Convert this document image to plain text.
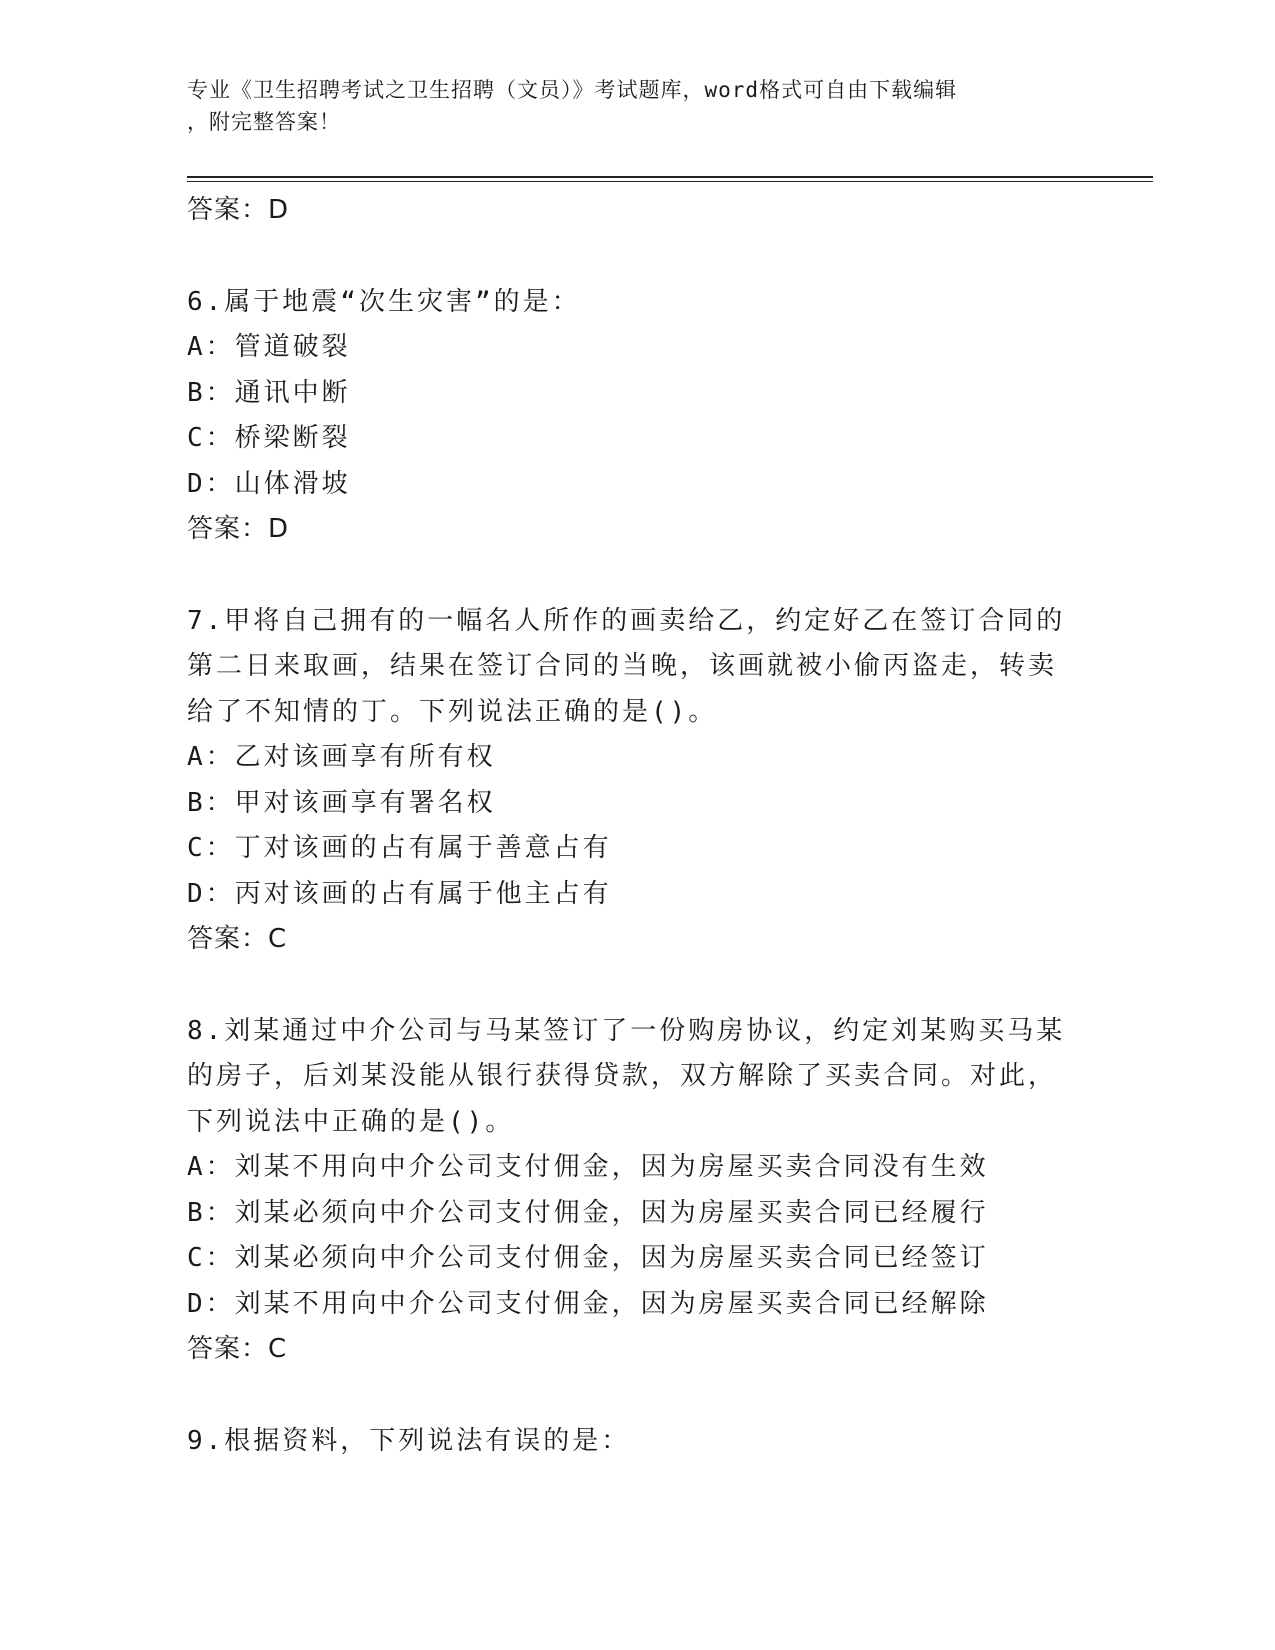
专业《卫生招聘考试之卫生招聘（文员）》考试题库，word格式可自由下载编辑
，附完整答案！
答案：D
6.属于地震“次生灾害”的是：
A：管道破裂
B：通讯中断
C：桥梁断裂
D：山体滑坡
答案：D
7.甲将自己拥有的一幅名人所作的画卖给乙，约定好乙在签订合同的
第二日来取画，结果在签订合同的当晚，该画就被小偷丙盗走，转卖
给了不知情的丁。下列说法正确的是()。
A：乙对该画享有所有权
B：甲对该画享有署名权
C：丁对该画的占有属于善意占有
D：丙对该画的占有属于他主占有
答案：C
8.刘某通过中介公司与马某签订了一份购房协议，约定刘某购买马某
的房子，后刘某没能从银行获得贷款，双方解除了买卖合同。对此，
下列说法中正确的是()。
A：刘某不用向中介公司支付佣金，因为房屋买卖合同没有生效
B：刘某必须向中介公司支付佣金，因为房屋买卖合同已经履行
C：刘某必须向中介公司支付佣金，因为房屋买卖合同已经签订
D：刘某不用向中介公司支付佣金，因为房屋买卖合同已经解除
答案：C
9.根据资料，下列说法有误的是：
